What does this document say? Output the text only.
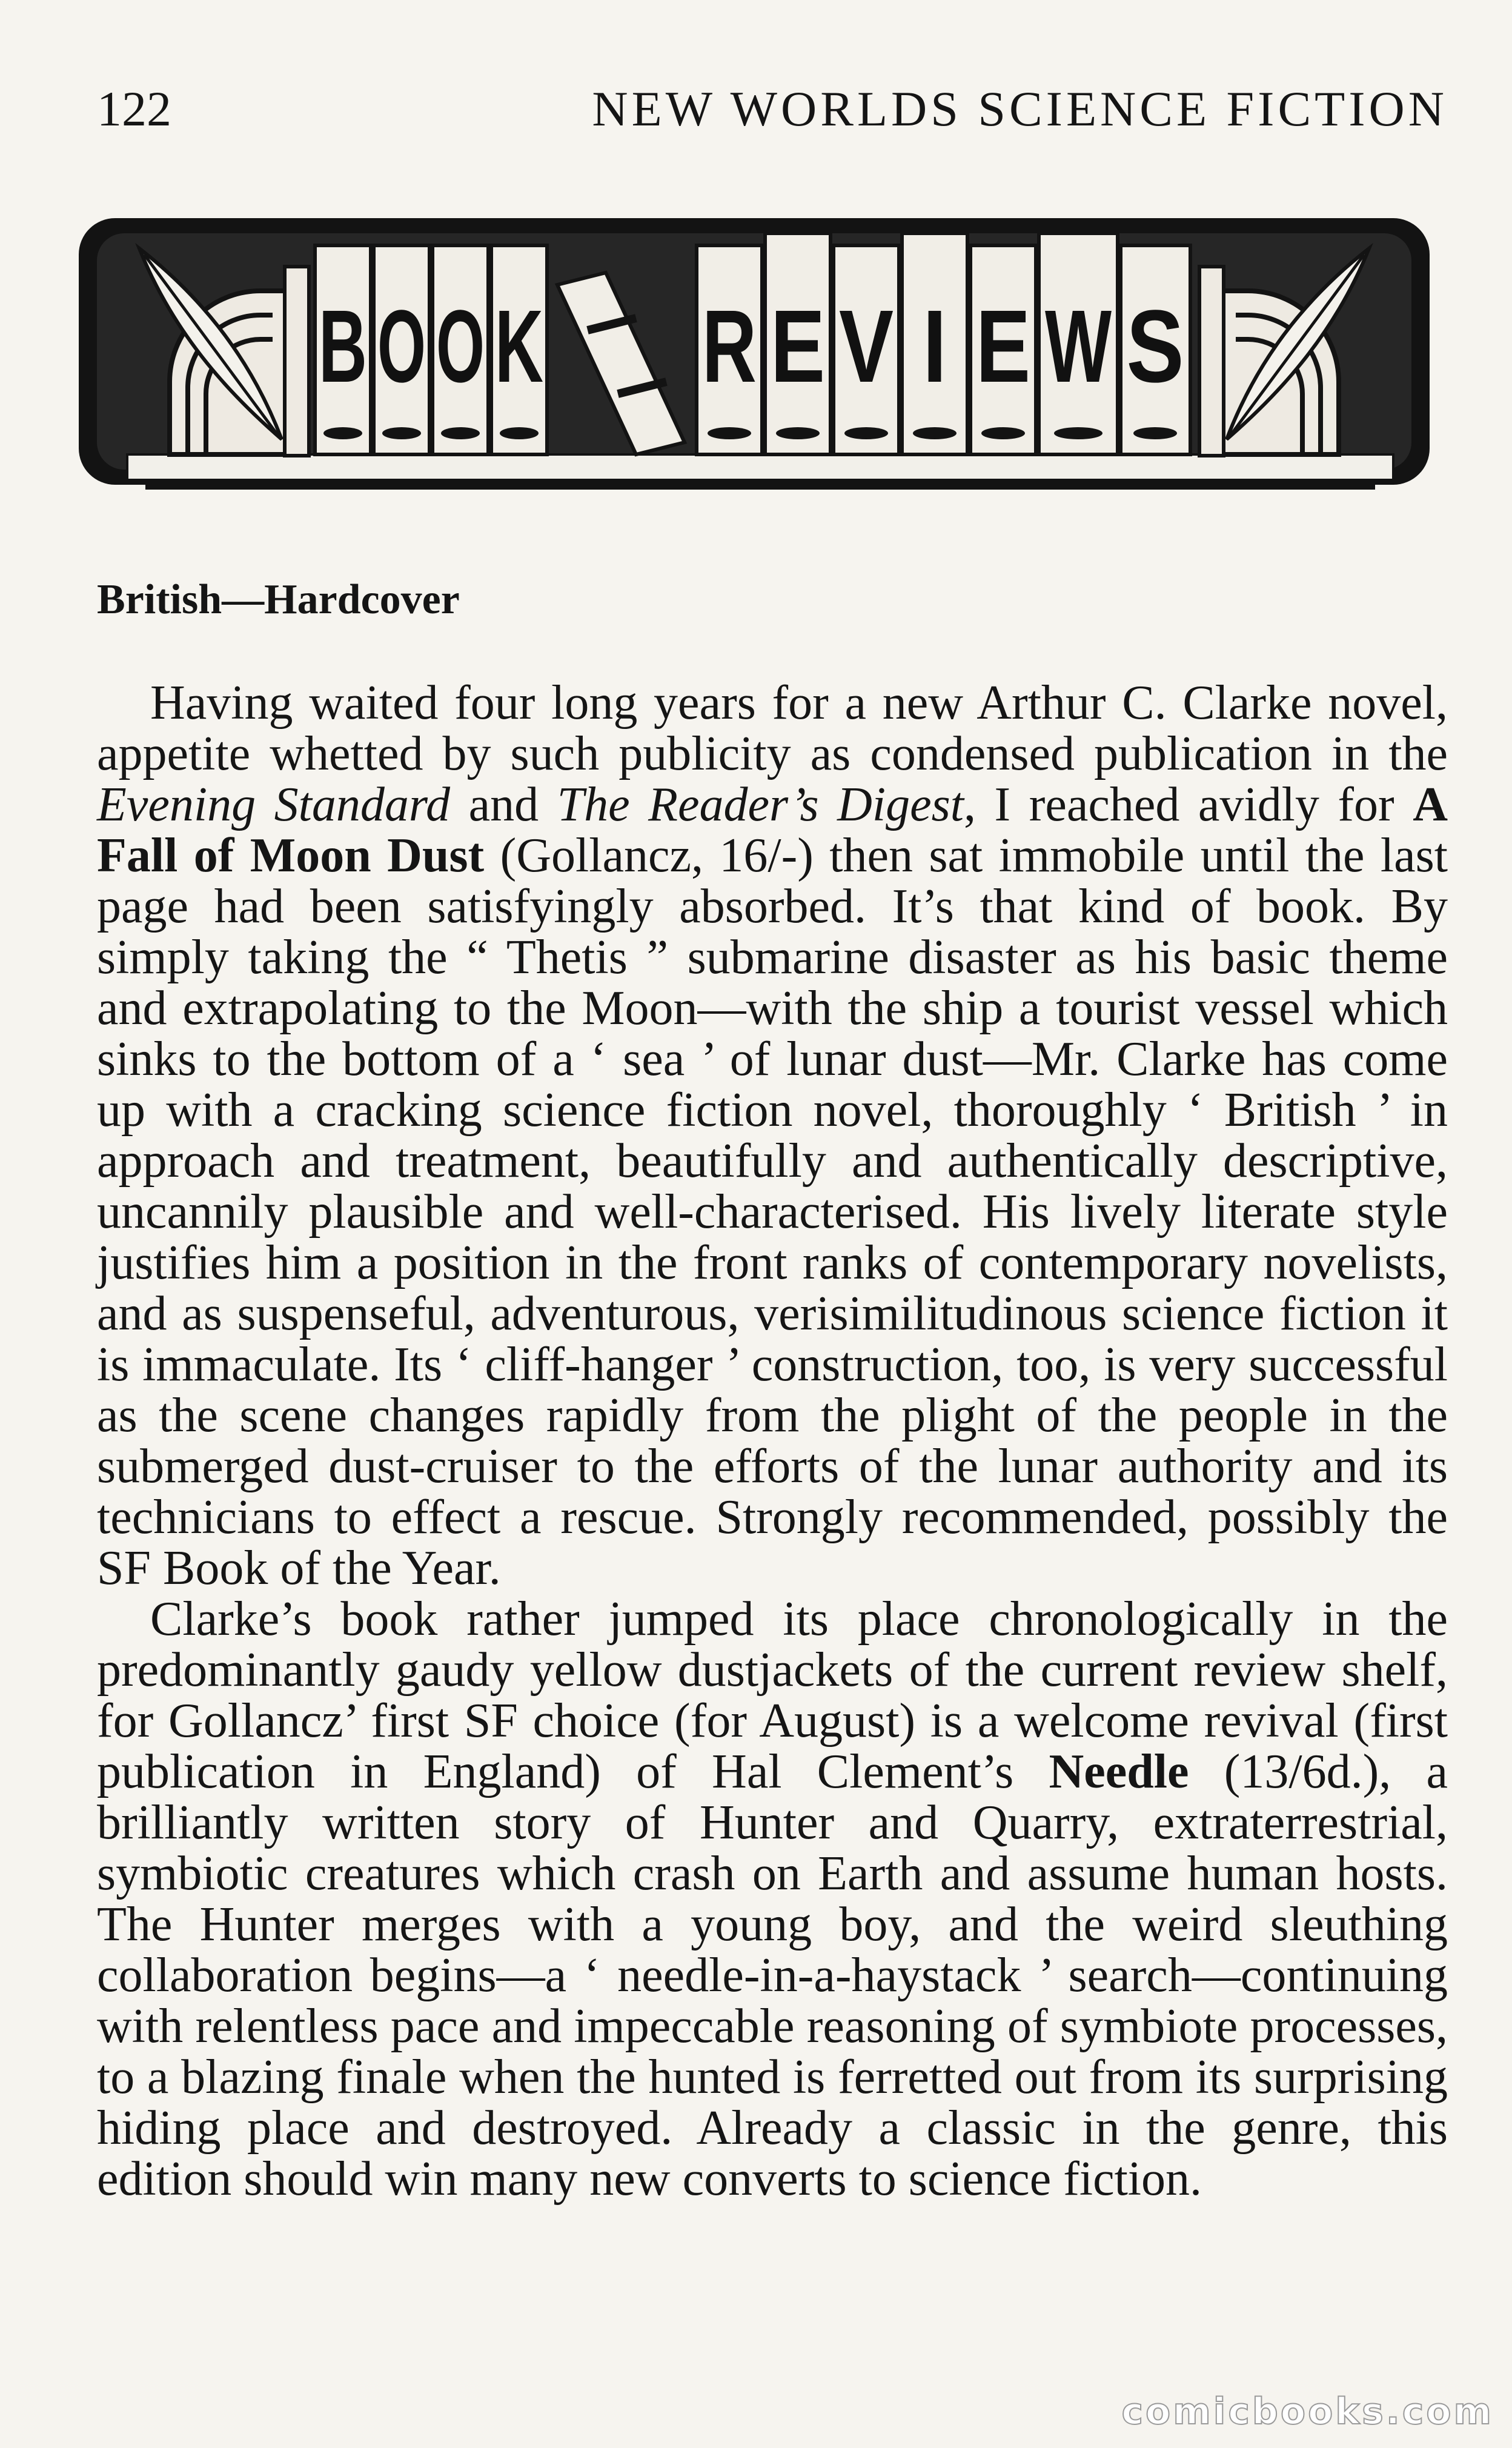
122	NEW WORLDS SCIENCE FICTION
B O O K R E V I E W S
British—Hardcover

Having waited four long years for a new Arthur C. Clarke novel, appetite whetted by such publicity as condensed publication in the Evening Standard and The Reader’s Digest, I reached avidly for A Fall of Moon Dust (Gollancz, 16/-) then sat immobile until the last page had been satisfyingly absorbed. It’s that kind of book. By simply taking the “ Thetis ” submarine disaster as his basic theme and extrapolating to the Moon—with the ship a tourist vessel which sinks to the bottom of a ‘ sea ’ of lunar dust—Mr. Clarke has come up with a cracking science fiction novel, thoroughly ‘ British ’ in approach and treatment, beautifully and authentically descriptive, uncannily plausible and well-characterised. His lively literate style justifies him a position in the front ranks of contemporary novelists, and as suspenseful, adventurous, verisimilitudinous science fiction it is immaculate. Its ‘ cliff-hanger ’ construction, too, is very successful as the scene changes rapidly from the plight of the people in the submerged dust-cruiser to the efforts of the lunar authority and its technicians to effect a rescue. Strongly recommended, possibly the SF Book of the Year.

Clarke’s book rather jumped its place chronologically in the predominantly gaudy yellow dustjackets of the current review shelf, for Gollancz’ first SF choice (for August) is a welcome revival (first publication in England) of Hal Clement’s Needle (13/6d.), a brilliantly written story of Hunter and Quarry, extraterrestrial, symbiotic creatures which crash on Earth and assume human hosts. The Hunter merges with a young boy, and the weird sleuthing collaboration begins—a ‘ needle-in-a-haystack ’ search—continuing with relentless pace and impeccable reasoning of symbiote processes, to a blazing finale when the hunted is ferretted out from its surprising hiding place and destroyed. Already a classic in the genre, this edition should win many new converts to science fiction.

comicbooks.com
